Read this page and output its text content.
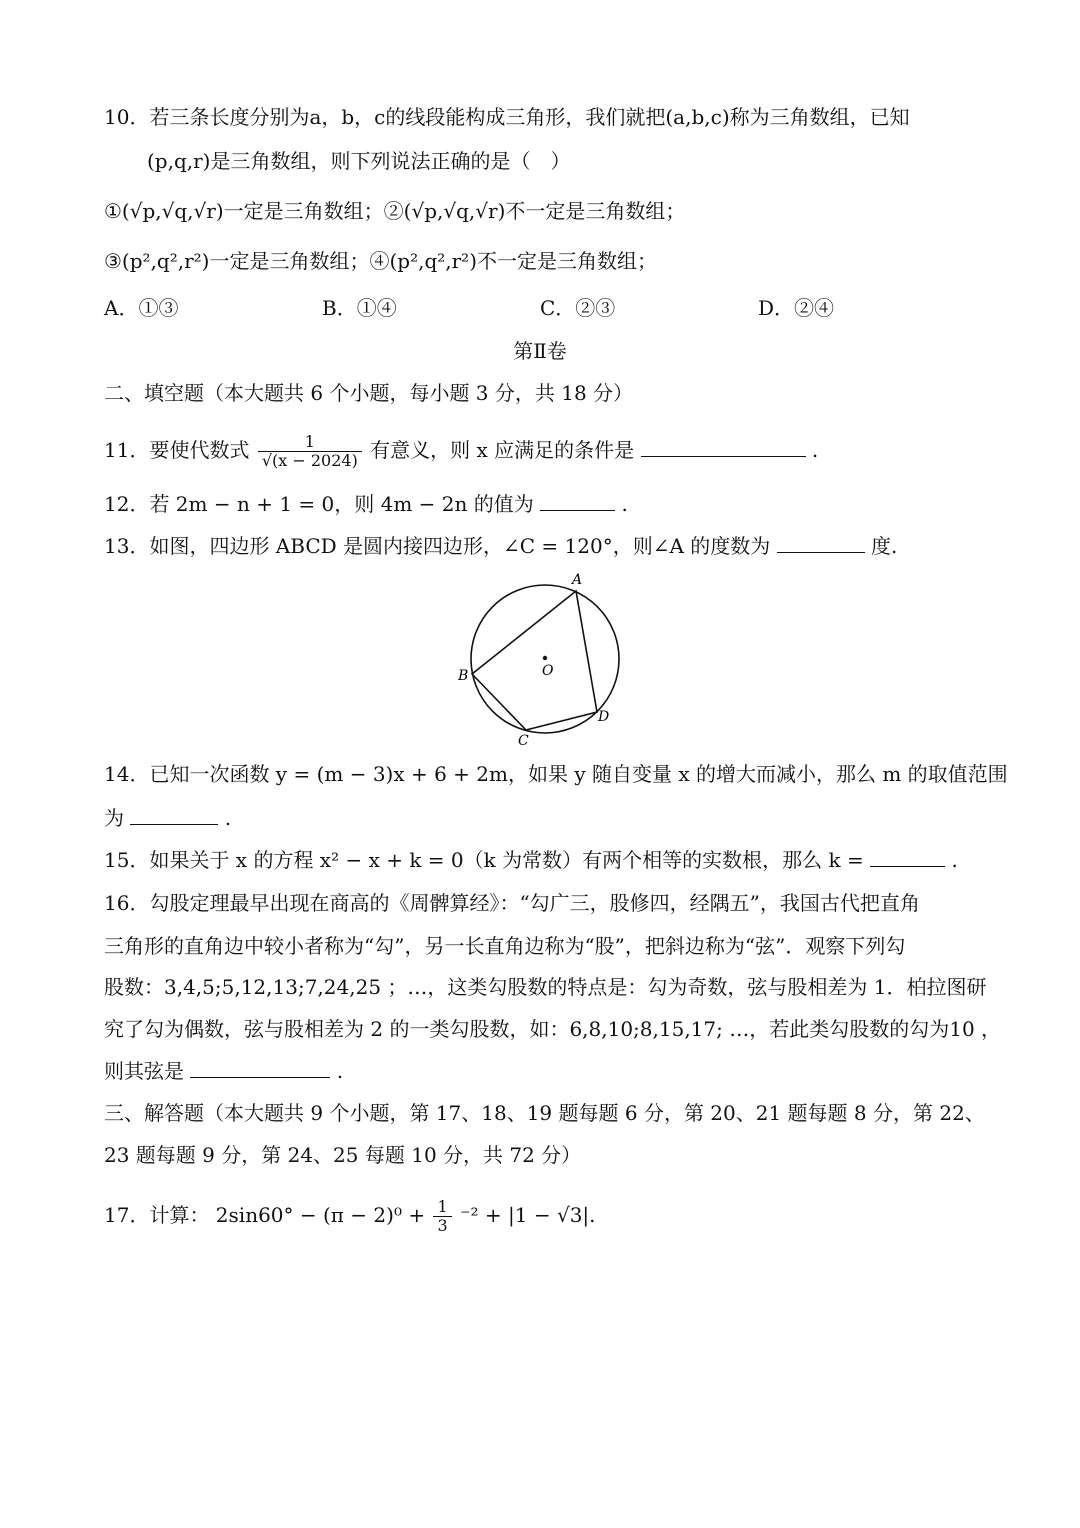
10．若三条长度分别为a，b，c的线段能构成三角形，我们就把(a,b,c)称为三角数组，已知
(p,q,r)是三角数组，则下列说法正确的是（　）
①(√p,√q,√r)一定是三角数组；②(√p,√q,√r)不一定是三角数组；
③(p²,q²,r²)一定是三角数组；④(p²,q²,r²)不一定是三角数组；
A．①③	B．①④	C．②③	D．②④
第Ⅱ卷
二、填空题（本大题共 6 个小题，每小题 3 分，共 18 分）
11．要使代数式 $\frac{1}{√(x - 2024)}$ 有意义，则 x 应满足的条件是	.
12．若 2m − n + 1 = 0，则 4m − 2n 的值为	.
13．如图，四边形 ABCD 是圆内接四边形，∠C = 120°，则∠A 的度数为	度.
A
B
C
D
O
14．已知一次函数 y = (m − 3)x + 6 + 2m，如果 y 随自变量 x 的增大而减小，那么 m 的取值范围
为	.
15．如果关于 x 的方程 x² − x + k = 0（k 为常数）有两个相等的实数根，那么 k =	.
16．勾股定理最早出现在商高的《周髀算经》：“勾广三，股修四，经隅五”，我国古代把直角
三角形的直角边中较小者称为“勾”，另一长直角边称为“股”，把斜边称为“弦”．观察下列勾
股数：3,4,5;5,12,13;7,24,25 ；…，这类勾股数的特点是：勾为奇数，弦与股相差为 1．柏拉图研
究了勾为偶数，弦与股相差为 2 的一类勾股数，如：6,8,10;8,15,17; …，若此类勾股数的勾为10 ，
则其弦是	.
三、解答题（本大题共 9 个小题，第 17、18、19 题每题 6 分，第 20、21 题每题 8 分，第 22、
23 题每题 9 分，第 24、25 每题 10 分，共 72 分）
17．计算： $2\sin 60^\circ - (\pi - 2)^0 + \frac{1}{3} ^{-2} + |1 - √3|$.
